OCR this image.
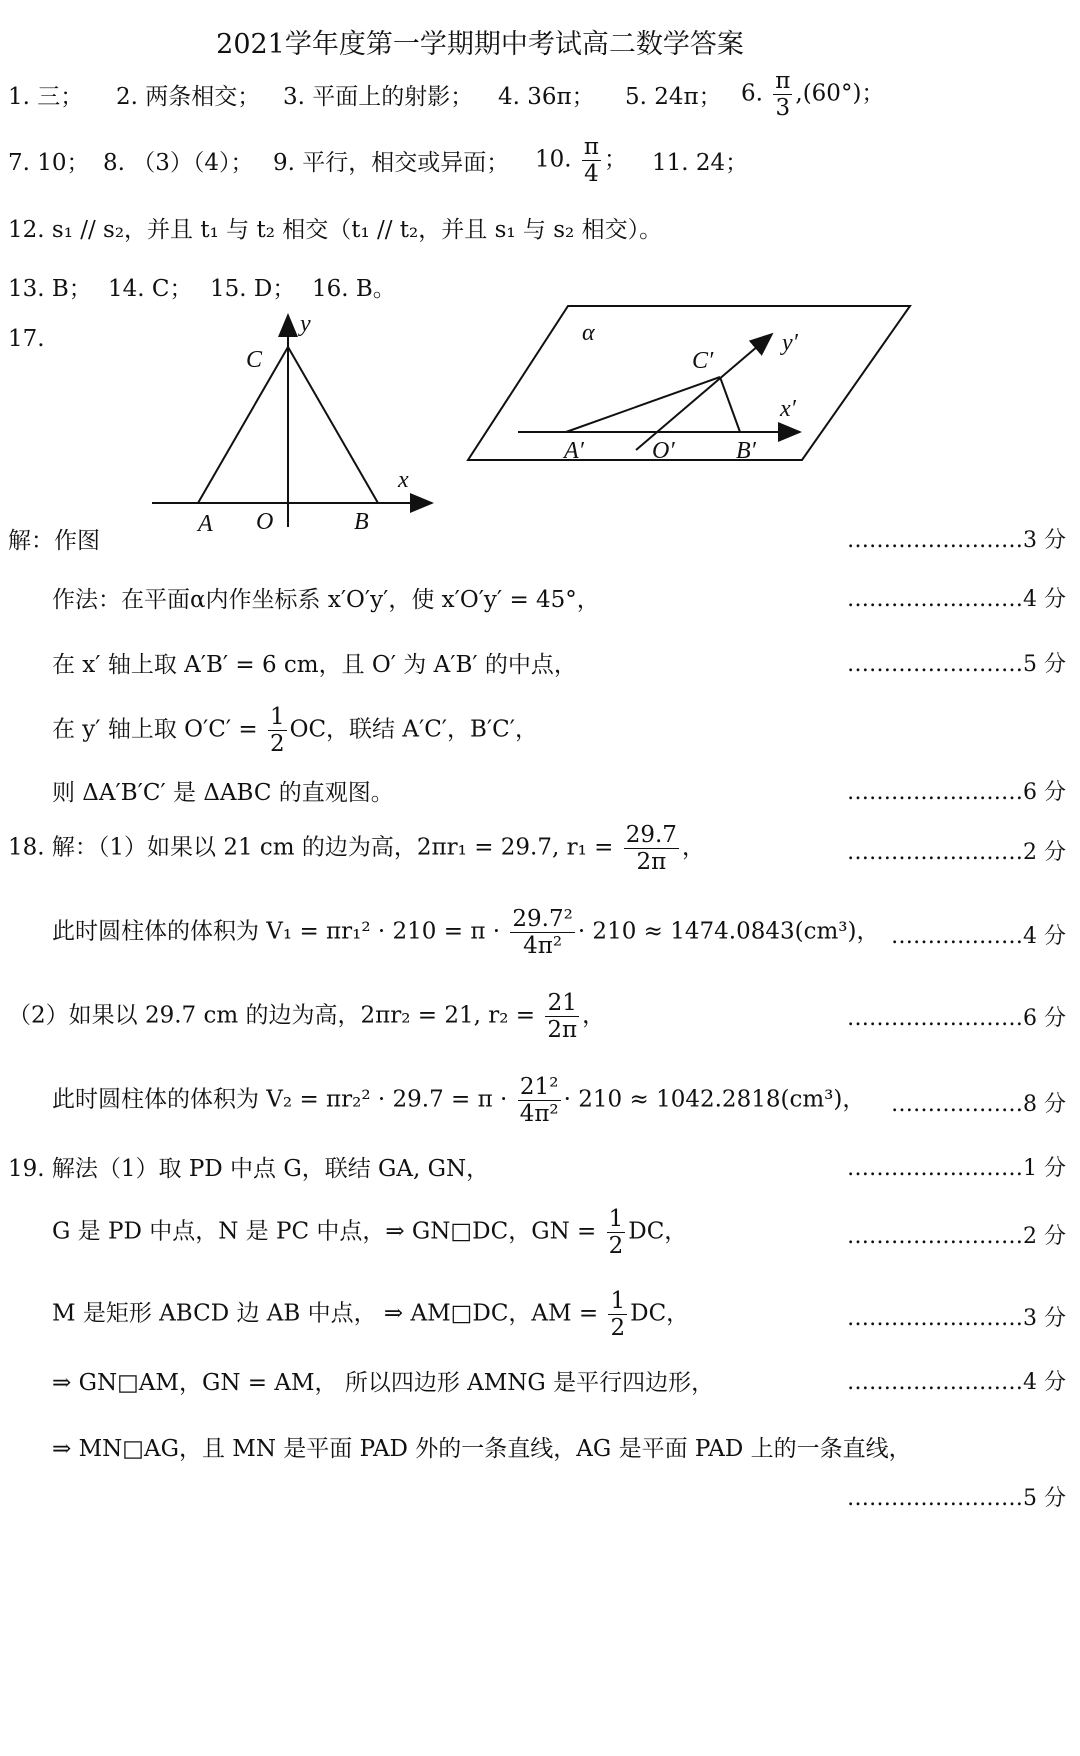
2021学年度第一学期期中考试高二数学答案
1. 三； 2. 两条相交； 3. 平面上的射影； 4. 36π； 5. 24π； 6. $\frac{\pi}{3} ,(60^\circ)$；
7. 10； 8. （3）（4）； 9. 平行，相交或异面； 10. $\frac{\pi}{4}$ ； 11. 24；
12. s₁ // s₂，并且 t₁ 与 t₂ 相交（t₁ // t₂，并且 s₁ 与 s₂ 相交）。
13. B； 14. C； 15. D； 16. B。
17.
y
C
x
A O	B
α	y′
C′
x′
A′	O′	B′
解：作图	……………………3 分
作法：在平面α内作坐标系 x′O′y′，使 x′O′y′ = 45°，	……………………4 分
在 x′ 轴上取 A′B′ = 6 cm，且 O′ 为 A′B′ 的中点，	……………………5 分
在 y′ 轴上取 $O'C' = \frac{1}{2}$ OC，联结 A′C′，B′C′，
则 ΔA′B′C′ 是 ΔABC 的直观图。	……………………6 分
18. 解：（1）如果以 21 cm 的边为高，2πr₁ = 29.7, $r_1 = \frac{29.7}{2\pi}$ ，	……………………2 分
此时圆柱体的体积为 $V_1 = \pi r_1^2 \cdot 210 = \pi \cdot \frac{\text{29.7²}}{\text{4π²}} \cdot 210 \approx 1474.0843(cm^3)$， ………………4 分
（2）如果以 29.7 cm 的边为高，2πr₂ = 21, $r_2 = \frac{21}{2\pi}$ ，	……………………6 分
此时圆柱体的体积为 $V_2 = \pi r_2^2 \cdot 29.7 = \pi \cdot \frac{\text{21²}}{\text{4π²}} \cdot 210 \approx 1042.2818(cm^3)$， ………………8 分
19. 解法（1）取 PD 中点 G，联结 GA, GN，	……………………1 分
G 是 PD 中点，N 是 PC 中点，⇒ GN□DC，GN = $\frac{1}{2}$ DC，	……………………2 分
M 是矩形 ABCD 边 AB 中点， ⇒ AM□DC，AM = $\frac{1}{2}$ DC，	……………………3 分
⇒ GN□AM，GN = AM， 所以四边形 AMNG 是平行四边形，	……………………4 分
⇒ MN□AG，且 MN 是平面 PAD 外的一条直线，AG 是平面 PAD 上的一条直线，
……………………5 分
